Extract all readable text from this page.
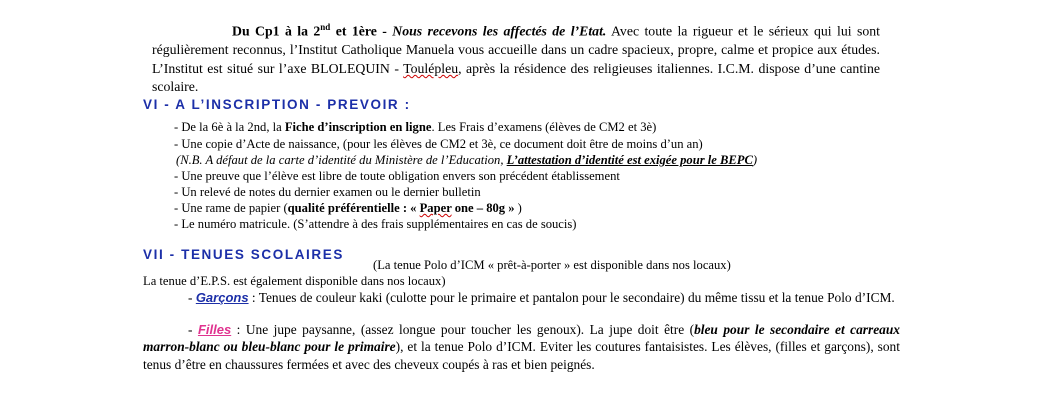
Du Cp1 à la 2nd et 1ère - Nous recevons les affectés de l’Etat. Avec toute la rigueur et le sérieux qui lui sont régulièrement reconnus, l’Institut Catholique Manuela vous accueille dans un cadre spacieux, propre, calme et propice aux études. L’Institut est situé sur l’axe BLOLEQUIN - Toulépleu, après la résidence des religieuses italiennes. I.C.M. dispose d’une cantine scolaire.
VI - A L’INSCRIPTION - PREVOIR :
- De la 6è à la 2nd, la Fiche d’inscription en ligne. Les Frais d’examens (élèves de CM2 et 3è)
- Une copie d’Acte de naissance, (pour les élèves de CM2 et 3è, ce document doit être de moins d’un an)
(N.B. A défaut de la carte d’identité du Ministère de l’Education, L’attestation d’identité est exigée pour le BEPC)
- Une preuve que l’élève est libre de toute obligation envers son précédent établissement
- Un relevé de notes du dernier examen ou le dernier bulletin
- Une rame de papier (qualité préférentielle : « Paper one – 80g » )
- Le numéro matricule. (S’attendre à des frais supplémentaires en cas de soucis)
VII - TENUES SCOLAIRES
(La tenue Polo d’ICM « prêt-à-porter » est disponible dans nos locaux)
La tenue d’E.P.S. est également disponible dans nos locaux)
- Garçons : Tenues de couleur kaki (culotte pour le primaire et pantalon pour le secondaire) du même tissu et la tenue Polo d’ICM.
- Filles : Une jupe paysanne, (assez longue pour toucher les genoux). La jupe doit être (bleu pour le secondaire et carreaux marron-blanc ou bleu-blanc pour le primaire), et la tenue Polo d’ICM. Eviter les coutures fantaisistes. Les élèves, (filles et garçons), sont tenus d’être en chaussures fermées et avec des cheveux coupés à ras et bien peignés.
